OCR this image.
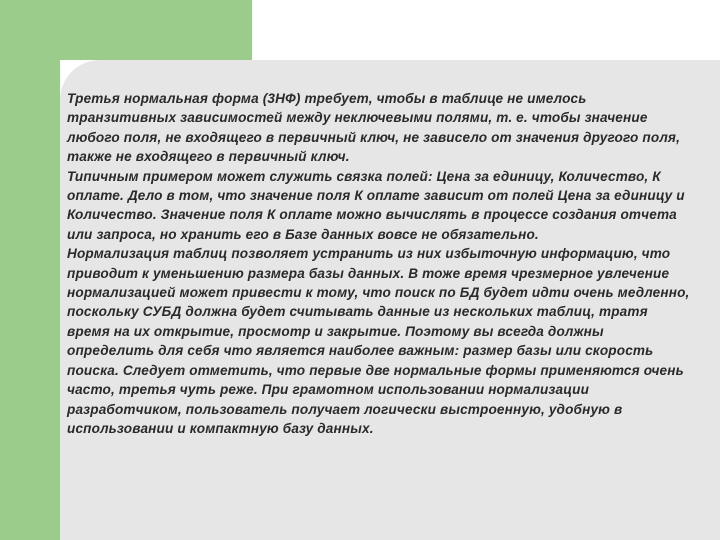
Третья нормальная форма (3НФ) требует, чтобы в таблице не имелось транзитивных зависимостей между неключевыми полями, т. е. чтобы значение любого поля, не входящего в первичный ключ, не зависело от значения другого поля, также не входящего в первичный ключ.

Типичным примером может служить связка полей: Цена за единицу, Количество, К оплате. Дело в том, что значение поля К оплате зависит от полей Цена за единицу и Количество. Значение поля К оплате можно вычислять в процессе создания отчета или запроса, но хранить его в Базе данных вовсе не обязательно.

Нормализация таблиц позволяет устранить из них избыточную информацию, что приводит к уменьшению размера базы данных. В тоже время чрезмерное увлечение нормализацией может привести к тому, что поиск по БД будет идти очень медленно, поскольку СУБД должна будет считывать данные из нескольких таблиц, тратя время на их открытие, просмотр и закрытие. Поэтому вы всегда должны определить для себя что является наиболее важным: размер базы или скорость поиска. Следует отметить, что первые две нормальные формы применяются очень часто, третья чуть реже. При грамотном использовании нормализации разработчиком, пользователь получает логически выстроенную, удобную в использовании и компактную базу данных.
